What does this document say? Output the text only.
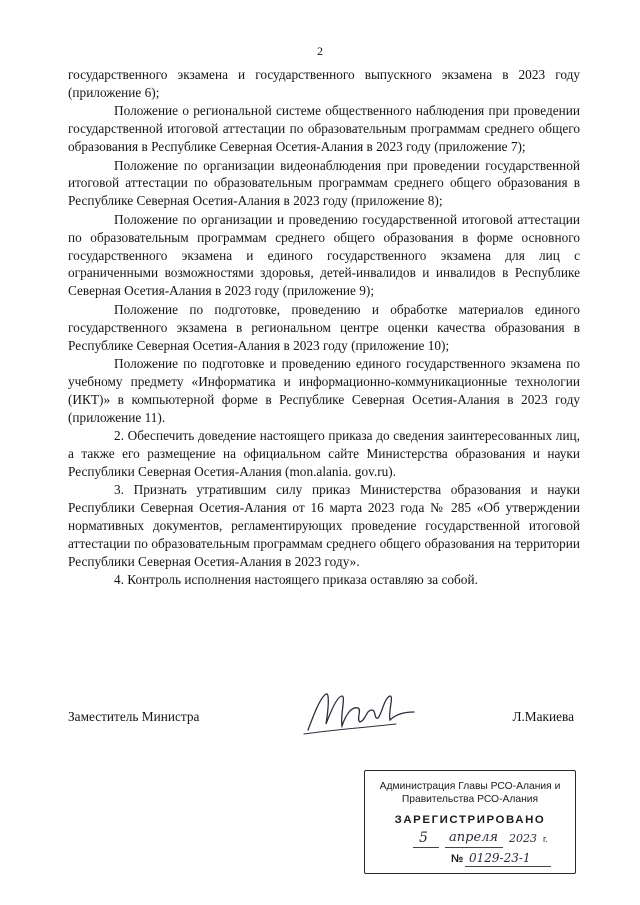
2

государственного экзамена и государственного выпускного экзамена в 2023 году (приложение 6);

Положение о региональной системе общественного наблюдения при проведении государственной итоговой аттестации по образовательным программам среднего общего образования в Республике Северная Осетия-Алания в 2023 году (приложение 7);

Положение по организации видеонаблюдения при проведении государственной итоговой аттестации по образовательным программам среднего общего образования в Республике Северная Осетия-Алания в 2023 году (приложение 8);

Положение по организации и проведению государственной итоговой аттестации по образовательным программам среднего общего образования в форме основного государственного экзамена и единого государственного экзамена для лиц с ограниченными возможностями здоровья, детей-инвалидов и инвалидов в Республике Северная Осетия-Алания в 2023 году (приложение 9);

Положение по подготовке, проведению и обработке материалов единого государственного экзамена в региональном центре оценки качества образования в Республике Северная Осетия-Алания в 2023 году (приложение 10);

Положение по подготовке и проведению единого государственного экзамена по учебному предмету «Информатика и информационно-коммуникационные технологии (ИКТ)» в компьютерной форме в Республике Северная Осетия-Алания в 2023 году (приложение 11).

2. Обеспечить доведение настоящего приказа до сведения заинтересованных лиц, а также его размещение на официальном сайте Министерства образования и науки Республики Северная Осетия-Алания (mon.alania. gov.ru).

3. Признать утратившим силу приказ Министерства образования и науки Республики Северная Осетия-Алания от 16 марта 2023 года № 285 «Об утверждении нормативных документов, регламентирующих проведение государственной итоговой аттестации по образовательным программам среднего общего образования на территории Республики Северная Осетия-Алания в 2023 году».

4. Контроль исполнения настоящего приказа оставляю за собой.

Заместитель Министра	Л.Макиева
Администрация Главы РСО-Алания и
Правительства РСО-Алания
ЗАРЕГИСТРИРОВАНО
5 апреля 2023 г.
№ 0129-23-1
